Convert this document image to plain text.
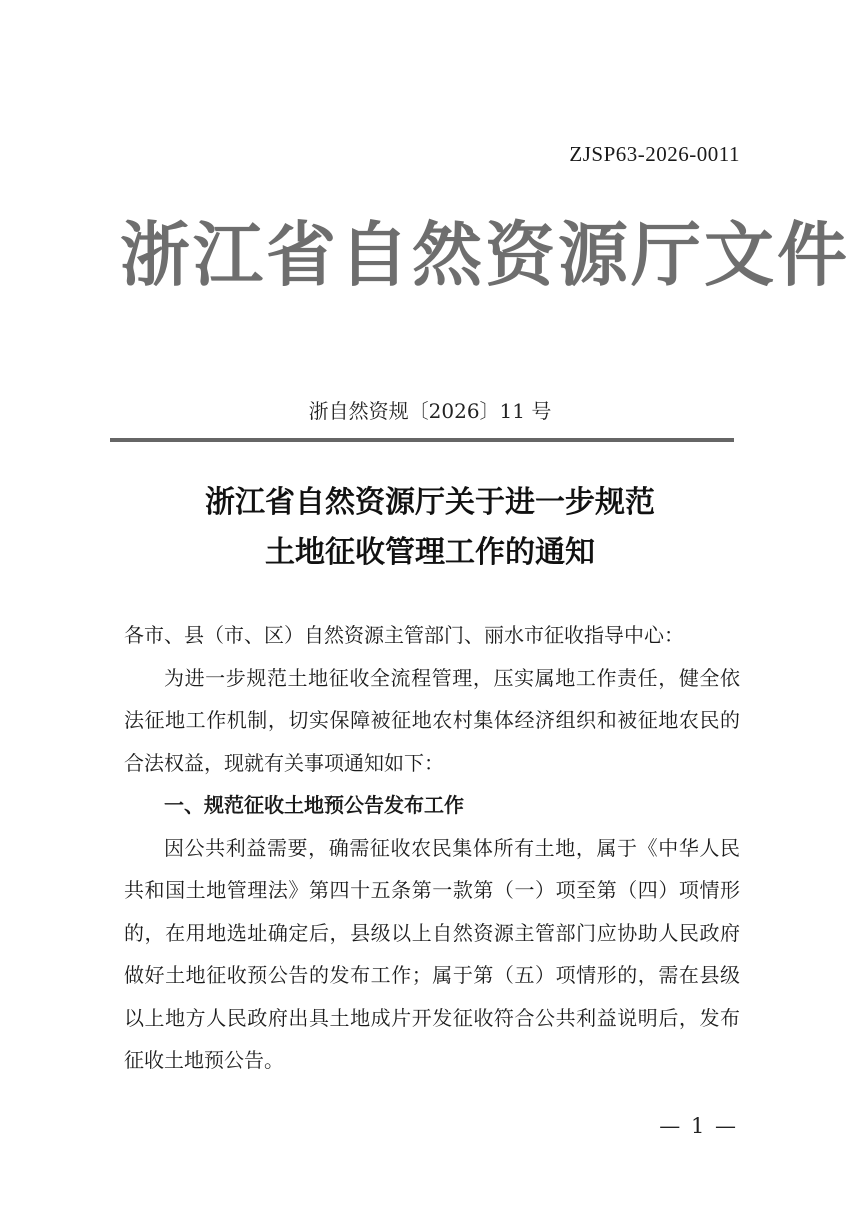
ZJSP63-2026-0011
浙江省自然资源厅文件
浙自然资规〔2026〕11 号
浙江省自然资源厅关于进一步规范
土地征收管理工作的通知

各市、县（市、区）自然资源主管部门、丽水市征收指导中心：

为进一步规范土地征收全流程管理，压实属地工作责任，健全依法征地工作机制，切实保障被征地农村集体经济组织和被征地农民的合法权益，现就有关事项通知如下：

一、规范征收土地预公告发布工作

因公共利益需要，确需征收农民集体所有土地，属于《中华人民共和国土地管理法》第四十五条第一款第（一）项至第（四）项情形的，在用地选址确定后，县级以上自然资源主管部门应协助人民政府做好土地征收预公告的发布工作；属于第（五）项情形的，需在县级以上地方人民政府出具土地成片开发征收符合公共利益说明后，发布征收土地预公告。

— 1 —
